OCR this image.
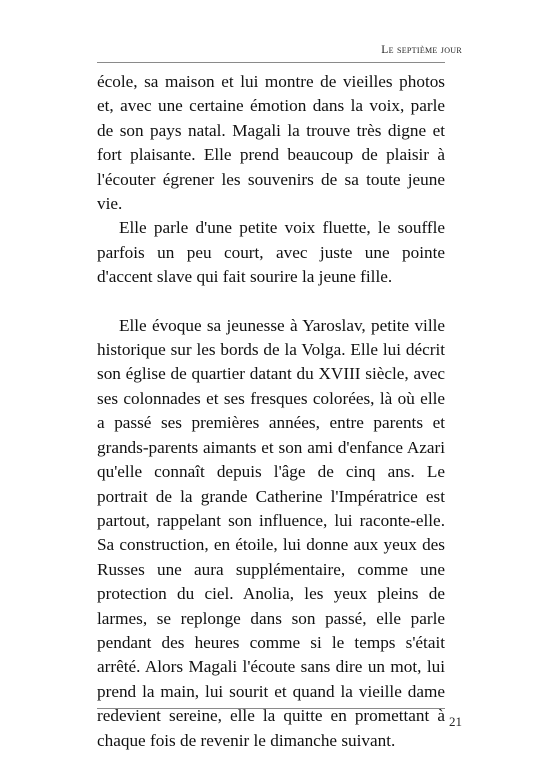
Le septième jour

école, sa maison et lui montre de vieilles photos et, avec une certaine émotion dans la voix, parle de son pays natal. Magali la trouve très digne et fort plaisante. Elle prend beaucoup de plaisir à l'écouter égrener les souvenirs de sa toute jeune vie.

Elle parle d'une petite voix fluette, le souffle parfois un peu court, avec juste une pointe d'accent slave qui fait sourire la jeune fille.

Elle évoque sa jeunesse à Yaroslav, petite ville historique sur les bords de la Volga. Elle lui décrit son église de quartier datant du XVIII siècle, avec ses colonnades et ses fresques colorées, là où elle a passé ses premières années, entre parents et grands-parents aimants et son ami d'enfance Azari qu'elle connaît depuis l'âge de cinq ans. Le portrait de la grande Catherine l'Impératrice est partout, rappelant son influence, lui raconte-elle. Sa construction, en étoile, lui donne aux yeux des Russes une aura supplémentaire, comme une protection du ciel. Anolia, les yeux pleins de larmes, se replonge dans son passé, elle parle pendant des heures comme si le temps s'était arrêté. Alors Magali l'écoute sans dire un mot, lui prend la main, lui sourit et quand la vieille dame redevient sereine, elle la quitte en promettant à chaque fois de revenir le dimanche suivant.

21
